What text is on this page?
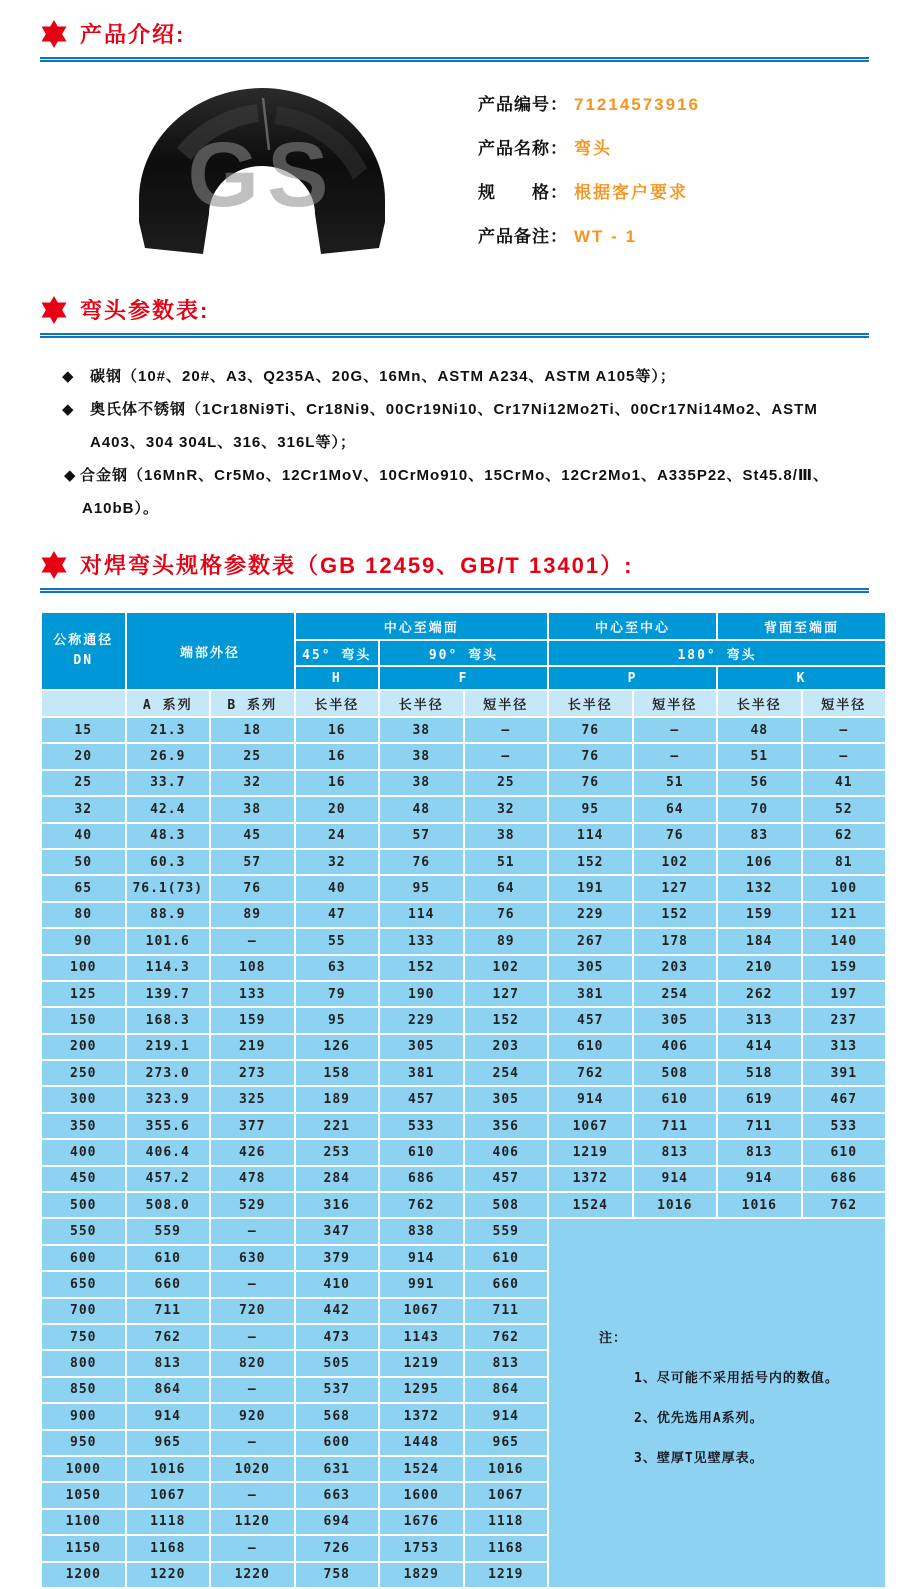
产品介绍:
GS
产品编号： 71214573916
产品名称： 弯头
规　　格： 根据客户要求
产品备注： WT - 1
弯头参数表:
◆	碳钢（10#、20#、A3、Q235A、20G、16Mn、ASTM A234、ASTM A105等）；
◆	奥氏体不锈钢（1Cr18Ni9Ti、Cr18Ni9、00Cr19Ni10、Cr17Ni12Mo2Ti、00Cr17Ni14Mo2、ASTM
A403、304 304L、316、316L等）；
◆ 合金钢（16MnR、Cr5Mo、12Cr1MoV、10CrMo910、15CrMo、12Cr2Mo1、A335P22、St45.8/Ⅲ、
A10bB）。
对焊弯头规格参数表（GB 12459、GB/T 13401）:
公称通径
DN	端部外径		中心至端面			中心至中心		背面至端面	
			45° 弯头	90° 弯头		180° 弯头			
			H	F		P		K	
	A 系列	B 系列	长半径	长半径	短半径	长半径	短半径	长半径	短半径
15	21.3	18	16	38	—	76	—	48	—
20	26.9	25	16	38	—	76	—	51	—
25	33.7	32	16	38	25	76	51	56	41
32	42.4	38	20	48	32	95	64	70	52
40	48.3	45	24	57	38	114	76	83	62
50	60.3	57	32	76	51	152	102	106	81
65	76.1(73)	76	40	95	64	191	127	132	100
80	88.9	89	47	114	76	229	152	159	121
90	101.6	—	55	133	89	267	178	184	140
100	114.3	108	63	152	102	305	203	210	159
125	139.7	133	79	190	127	381	254	262	197
150	168.3	159	95	229	152	457	305	313	237
200	219.1	219	126	305	203	610	406	414	313
250	273.0	273	158	381	254	762	508	518	391
300	323.9	325	189	457	305	914	610	619	467
350	355.6	377	221	533	356	1067	711	711	533
400	406.4	426	253	610	406	1219	813	813	610
450	457.2	478	284	686	457	1372	914	914	686
500	508.0	529	316	762	508	1524	1016	1016	762
550	559	—	347	838	559	注：
1、尽可能不采用括号内的数值。
2、优先选用A系列。
3、壁厚T见壁厚表。			

600	610	630	379	914	610				
650	660	—	410	991	660				
700	711	720	442	1067	711				
750	762	—	473	1143	762				
800	813	820	505	1219	813				
850	864	—	537	1295	864				
900	914	920	568	1372	914				
950	965	—	600	1448	965				
1000	1016	1020	631	1524	1016				
1050	1067	—	663	1600	1067				
1100	1118	1120	694	1676	1118				
1150	1168	—	726	1753	1168				
1200	1220	1220	758	1829	1219				
